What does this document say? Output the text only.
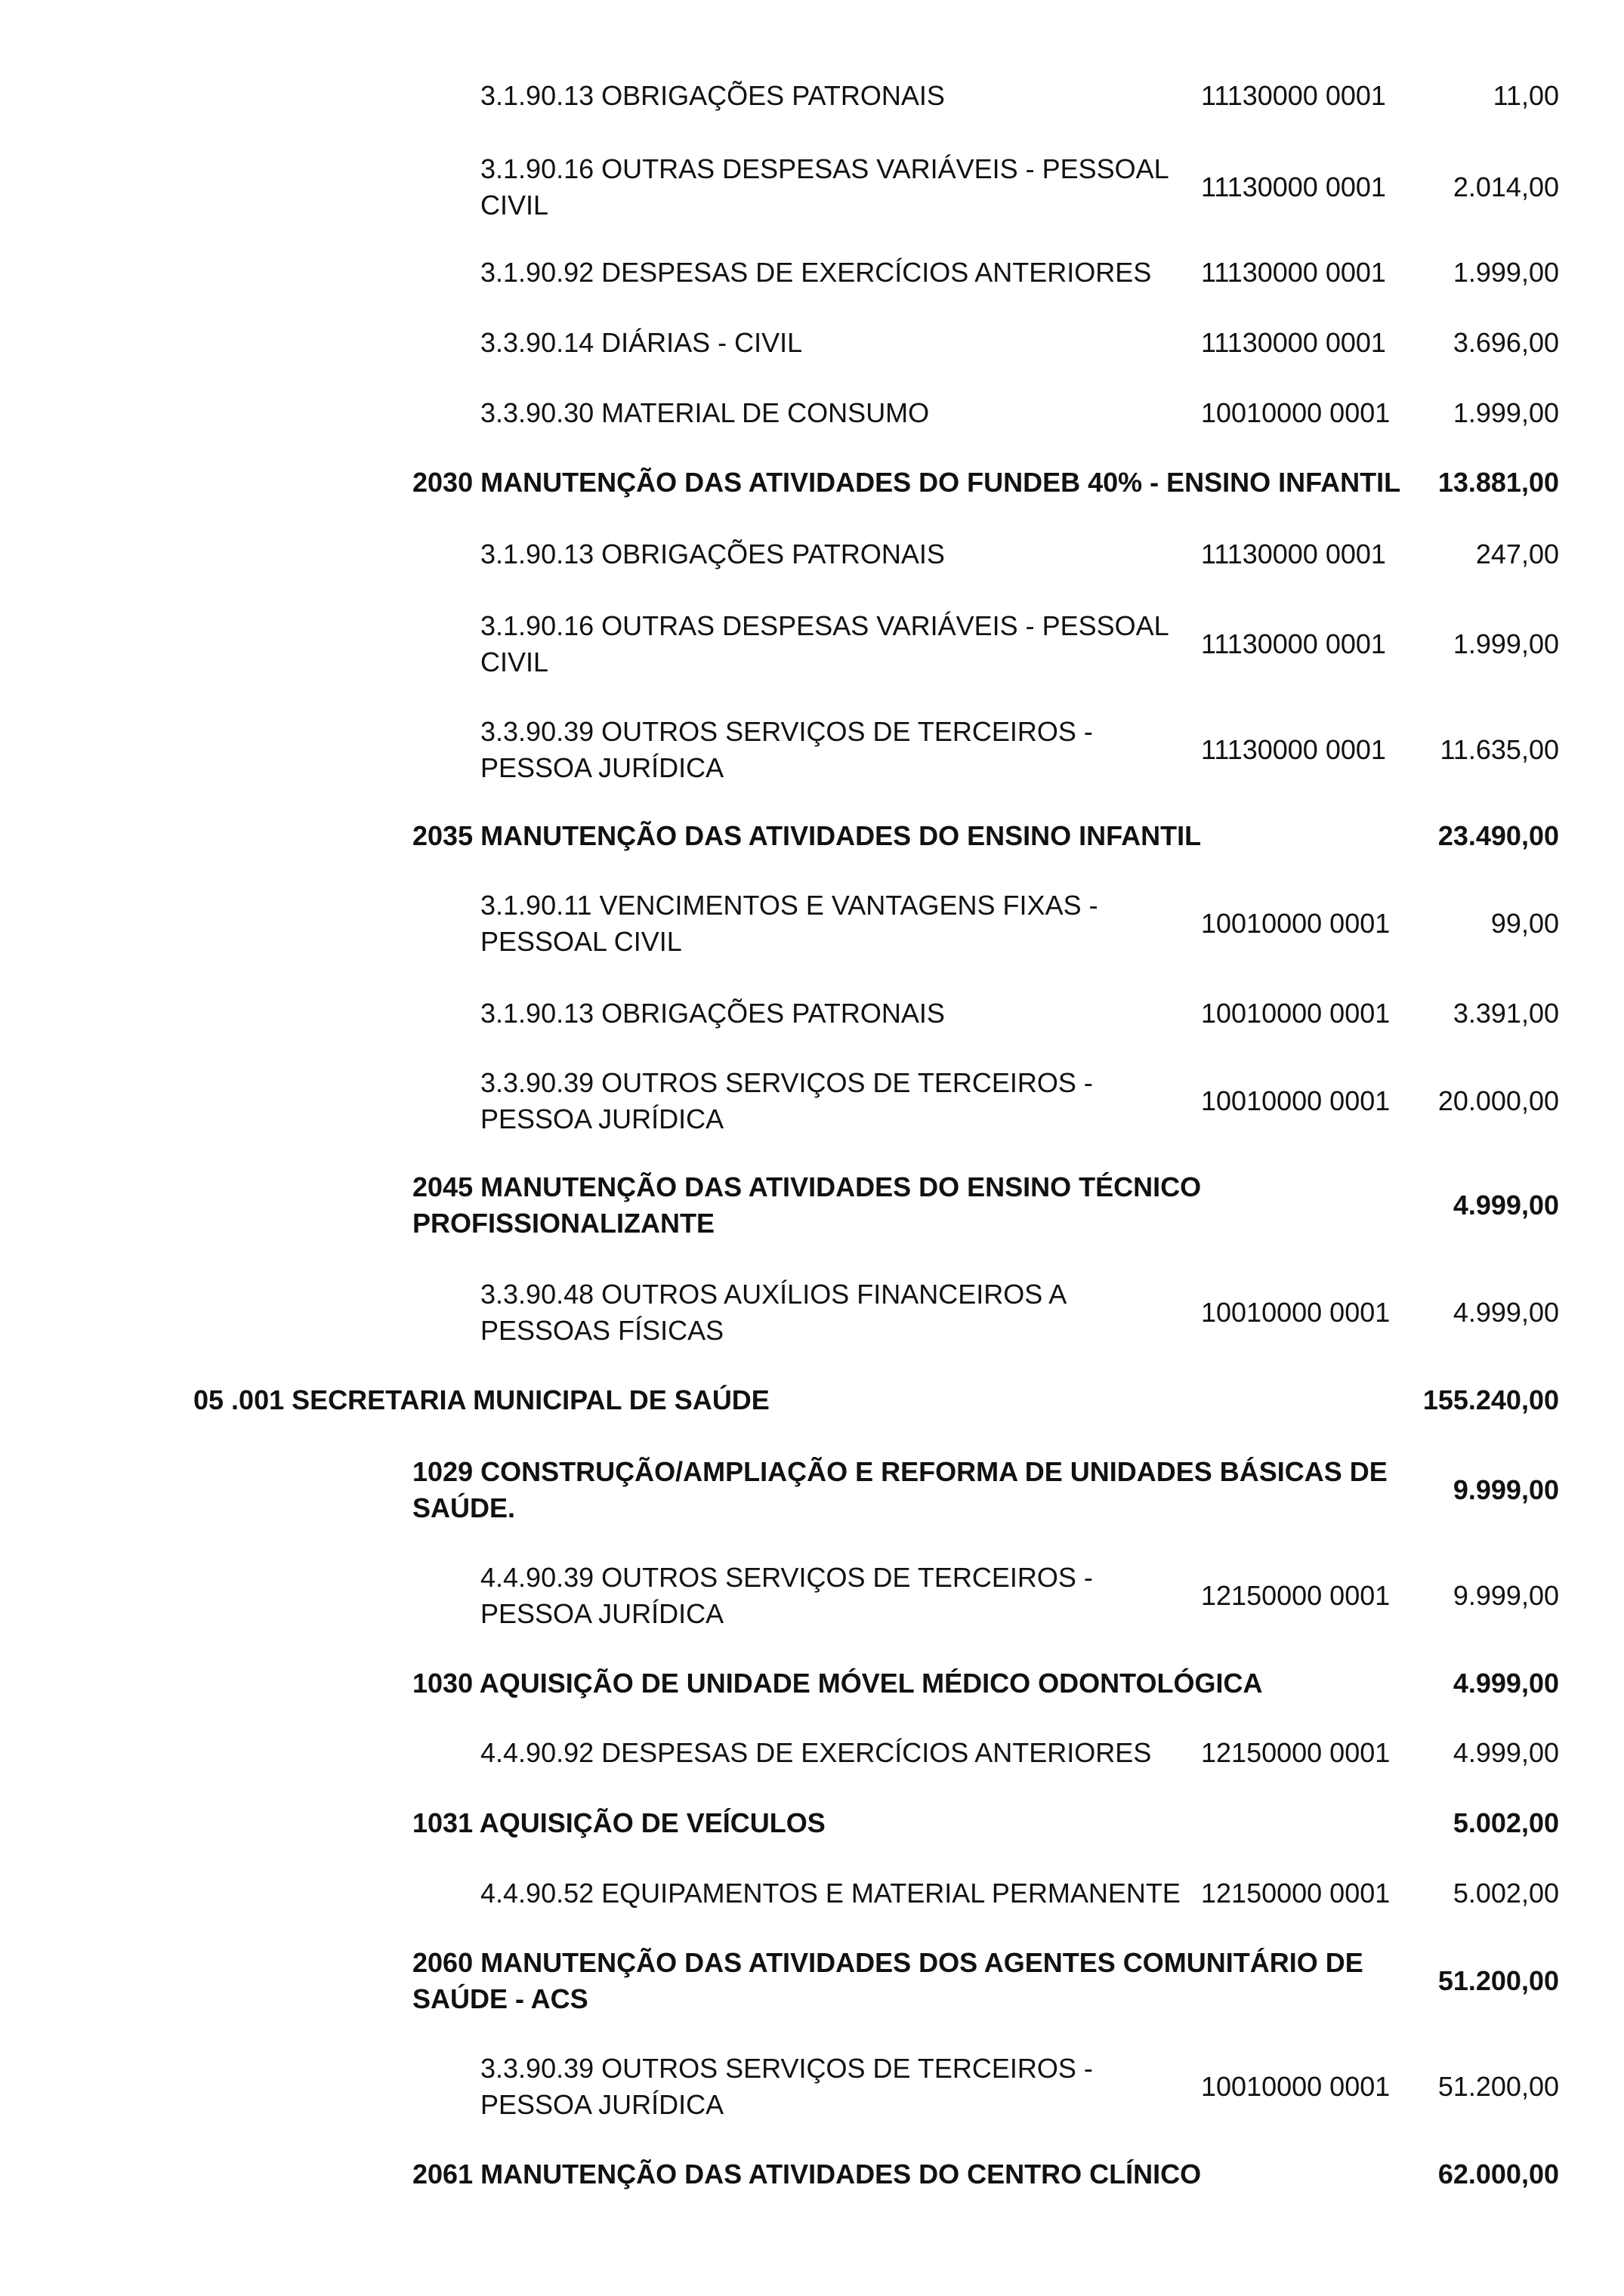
3.1.90.13 OBRIGAÇÕES PATRONAIS	11130000 0001	11,00
3.1.90.16 OUTRAS DESPESAS VARIÁVEIS - PESSOAL
CIVIL
11130000 0001	2.014,00
3.1.90.92 DESPESAS DE EXERCÍCIOS ANTERIORES	11130000 0001	1.999,00
3.3.90.14 DIÁRIAS - CIVIL	11130000 0001	3.696,00
3.3.90.30 MATERIAL DE CONSUMO	10010000 0001	1.999,00
2030 MANUTENÇÃO DAS ATIVIDADES DO FUNDEB 40% - ENSINO INFANTIL	13.881,00
3.1.90.13 OBRIGAÇÕES PATRONAIS	11130000 0001	247,00
3.1.90.16 OUTRAS DESPESAS VARIÁVEIS - PESSOAL
CIVIL
11130000 0001	1.999,00
3.3.90.39 OUTROS SERVIÇOS DE TERCEIROS -
PESSOA JURÍDICA
11130000 0001	11.635,00
2035 MANUTENÇÃO DAS ATIVIDADES DO ENSINO INFANTIL	23.490,00
3.1.90.11 VENCIMENTOS E VANTAGENS FIXAS -
PESSOAL CIVIL
10010000 0001	99,00
3.1.90.13 OBRIGAÇÕES PATRONAIS	10010000 0001	3.391,00
3.3.90.39 OUTROS SERVIÇOS DE TERCEIROS -
PESSOA JURÍDICA
10010000 0001	20.000,00
2045 MANUTENÇÃO DAS ATIVIDADES DO ENSINO TÉCNICO
PROFISSIONALIZANTE
4.999,00
3.3.90.48 OUTROS AUXÍLIOS FINANCEIROS A
PESSOAS FÍSICAS
10010000 0001	4.999,00
05 .001 SECRETARIA MUNICIPAL DE SAÚDE	155.240,00
1029 CONSTRUÇÃO/AMPLIAÇÃO E REFORMA DE UNIDADES BÁSICAS DE
SAÚDE.
9.999,00
4.4.90.39 OUTROS SERVIÇOS DE TERCEIROS -
PESSOA JURÍDICA
12150000 0001	9.999,00
1030 AQUISIÇÃO DE UNIDADE MÓVEL MÉDICO ODONTOLÓGICA	4.999,00
4.4.90.92 DESPESAS DE EXERCÍCIOS ANTERIORES	12150000 0001	4.999,00
1031 AQUISIÇÃO DE VEÍCULOS	5.002,00
4.4.90.52 EQUIPAMENTOS E MATERIAL PERMANENTE 12150000 0001	5.002,00
2060 MANUTENÇÃO DAS ATIVIDADES DOS AGENTES COMUNITÁRIO DE
SAÚDE - ACS
51.200,00
3.3.90.39 OUTROS SERVIÇOS DE TERCEIROS -
PESSOA JURÍDICA
10010000 0001	51.200,00
2061 MANUTENÇÃO DAS ATIVIDADES DO CENTRO CLÍNICO	62.000,00
